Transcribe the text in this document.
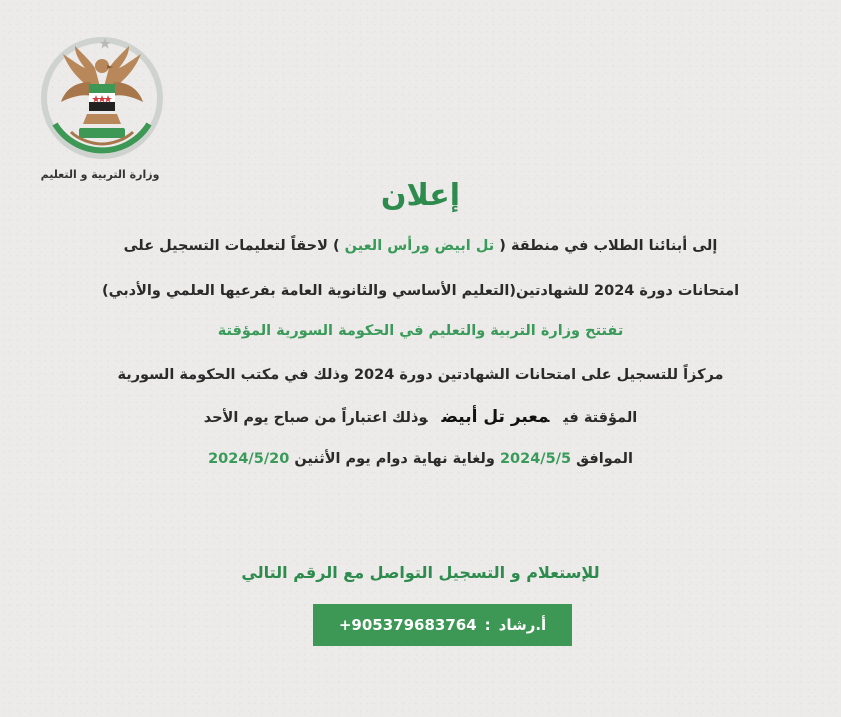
وزارة التربية و التعليم
إعلان
إلى أبنائنا الطلاب في منطقة ( تل ابيض ورأس العين ) لاحقاً لتعليمات التسجيل على
امتحانات دورة 2024 للشهادتين(التعليم الأساسي والثانوية العامة بفرعيها العلمي والأدبي)
تفتتح وزارة التربية والتعليم في الحكومة السورية المؤقتة
مركزاً للتسجيل على امتحانات الشهادتين دورة 2024 وذلك في مكتب الحكومة السورية
المؤقتة فيمعبر تل أبيضوذلك اعتباراً من صباح يوم الأحد
الموافق 2024/5/5 ولغاية نهاية دوام يوم الأثنين 2024/5/20
للإستعلام و التسجيل التواصل مع الرقم التالي
أ.رشاد
:
+905379683764
